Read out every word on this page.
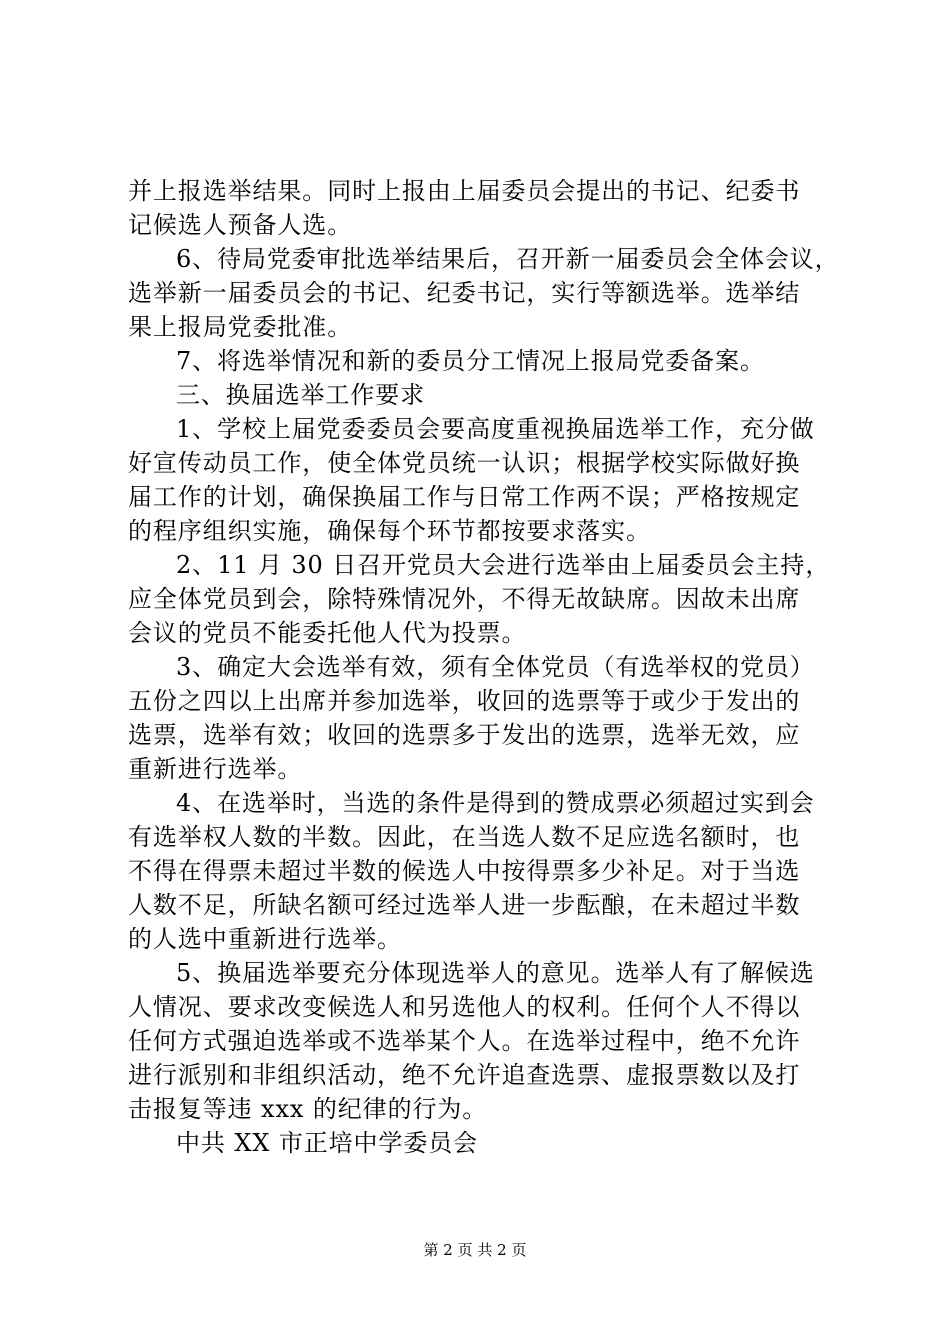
并上报选举结果。同时上报由上届委员会提出的书记、纪委书
记候选人预备人选。
6、待局党委审批选举结果后，召开新一届委员会全体会议，
选举新一届委员会的书记、纪委书记，实行等额选举。选举结
果上报局党委批准。
7、将选举情况和新的委员分工情况上报局党委备案。
三、换届选举工作要求
1、学校上届党委委员会要高度重视换届选举工作，充分做
好宣传动员工作，使全体党员统一认识；根据学校实际做好换
届工作的计划，确保换届工作与日常工作两不误；严格按规定
的程序组织实施，确保每个环节都按要求落实。
2、11 月 30 日召开党员大会进行选举由上届委员会主持，
应全体党员到会，除特殊情况外，不得无故缺席。因故未出席
会议的党员不能委托他人代为投票。
3、确定大会选举有效，须有全体党员（有选举权的党员）
五份之四以上出席并参加选举，收回的选票等于或少于发出的
选票，选举有效；收回的选票多于发出的选票，选举无效，应
重新进行选举。
4、在选举时，当选的条件是得到的赞成票必须超过实到会
有选举权人数的半数。因此，在当选人数不足应选名额时，也
不得在得票未超过半数的候选人中按得票多少补足。对于当选
人数不足，所缺名额可经过选举人进一步酝酿，在未超过半数
的人选中重新进行选举。
5、换届选举要充分体现选举人的意见。选举人有了解候选
人情况、要求改变候选人和另选他人的权利。任何个人不得以
任何方式强迫选举或不选举某个人。在选举过程中，绝不允许
进行派别和非组织活动，绝不允许追查选票、虚报票数以及打
击报复等违 xxx 的纪律的行为。
中共 XX 市正培中学委员会
第 2 页 共 2 页
